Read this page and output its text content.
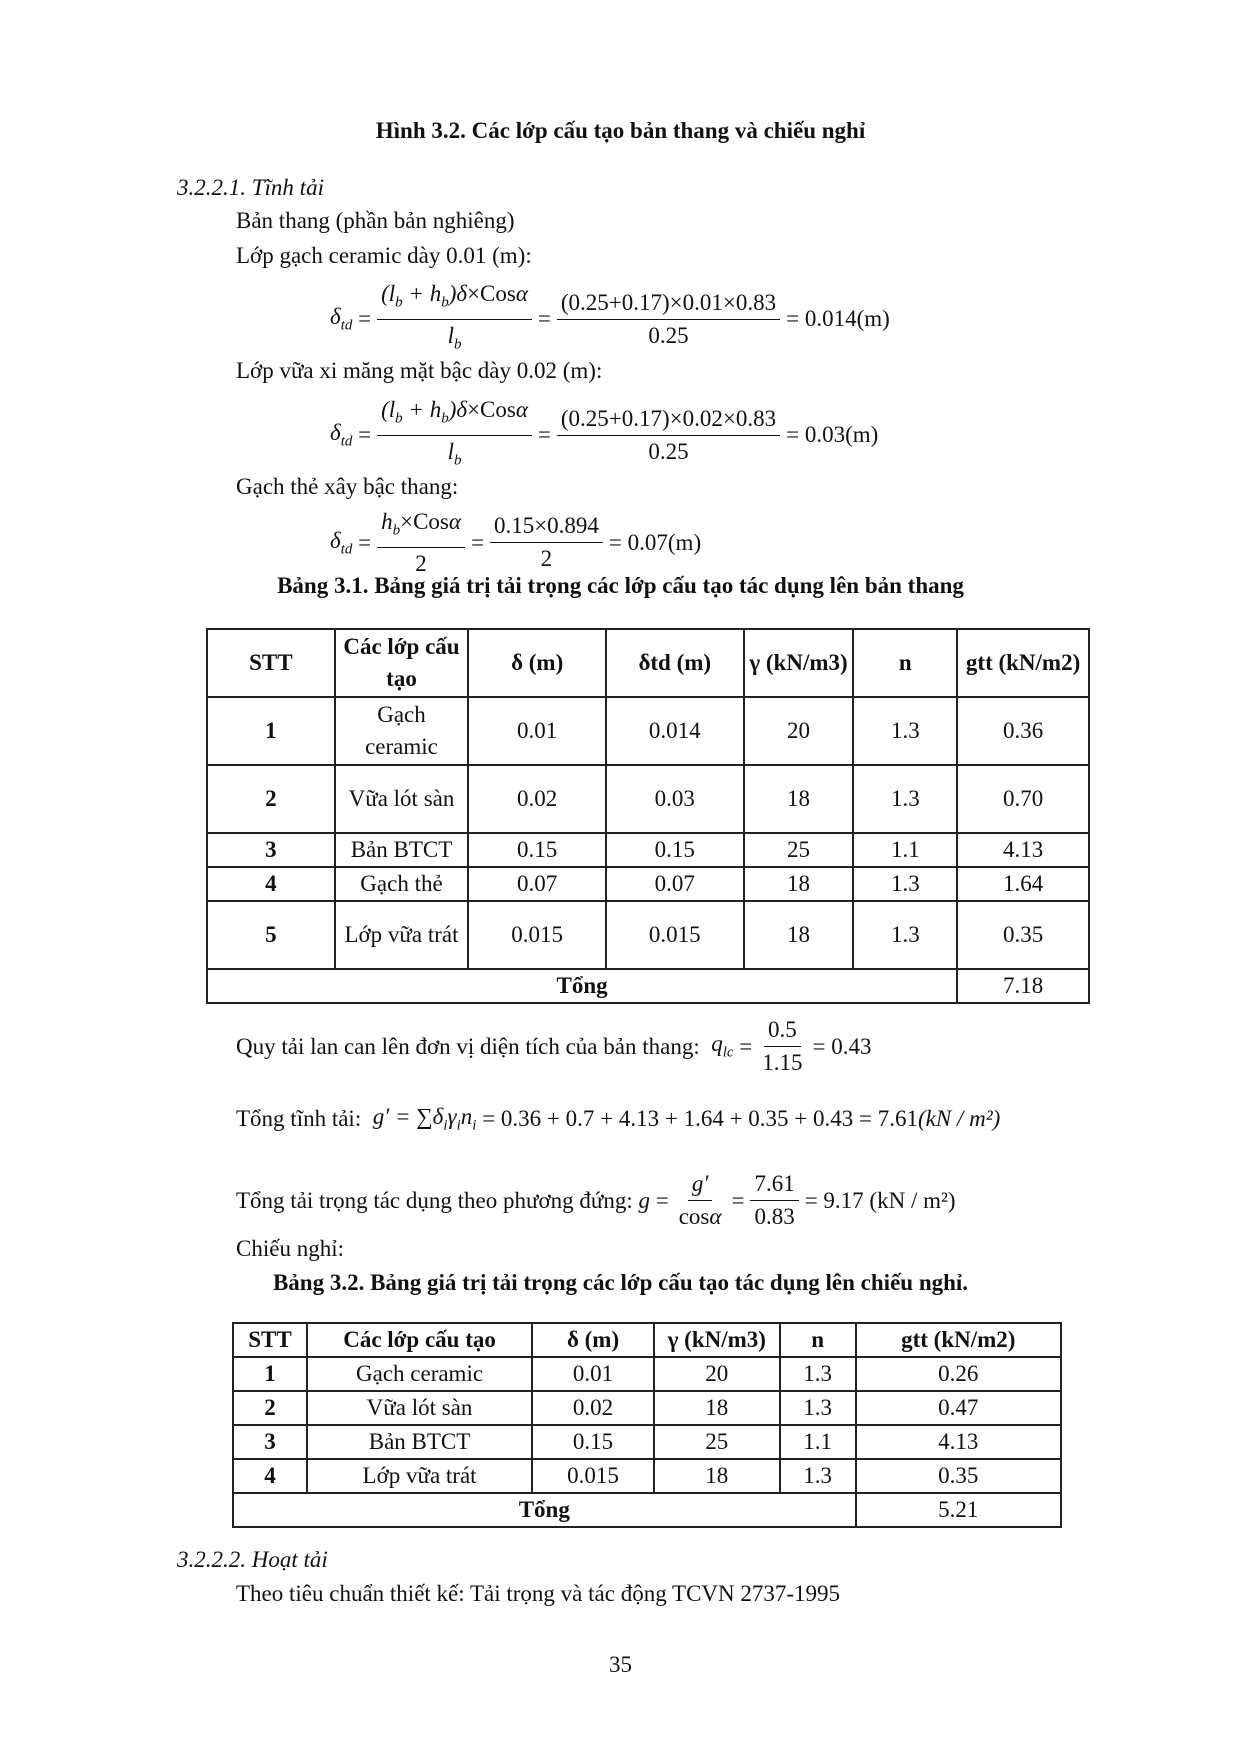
Hình 3.2. Các lớp cấu tạo bản thang và chiếu nghỉ
3.2.2.1. Tĩnh tải
Bản thang (phần bản nghiêng)
Lớp gạch ceramic dày 0.01 (m):
$\delta_{td} = \frac{(l_b + h_b)\delta\times Cos\alpha}{l_b} = \frac{(0.25+0.17)\times 0.01\times 0.83}{0.25} = 0.014(m)$
Lớp vữa xi măng mặt bậc dày 0.02 (m):
$\delta_{td} = \frac{(l_b + h_b)\delta\times Cos\alpha}{l_b} = \frac{(0.25+0.17)\times 0.02\times 0.83}{0.25} = 0.03(m)$
Gạch thẻ xây bậc thang:
$\delta_{td} = \frac{h_b\times Cos\alpha}{2} = \frac{0.15\times 0.894}{2} = 0.07(m)$
Bảng 3.1. Bảng giá trị tải trọng các lớp cấu tạo tác dụng lên bản thang
STT	Các lớp cấu tạo	δ (m)	δtd (m)	γ (kN/m3)	n	gtt (kN/m2)
1	Gạch ceramic	0.01	0.014	20	1.3	0.36
2	Vữa lót sàn	0.02	0.03	18	1.3	0.70
3	Bản BTCT	0.15	0.15	25	1.1	4.13
4	Gạch thẻ	0.07	0.07	18	1.3	1.64
5	Lớp vữa trát	0.015	0.015	18	1.3	0.35
Tổng						7.18
Quy tải lan can lên đơn vị diện tích của bản thang: $q_{lc} = \frac{0.5}{1.15} = 0.43$
Tổng tĩnh tải: $g' = \sum\delta_i\gamma_in_i = 0.36 + 0.7 + 4.13 + 1.64 + 0.35 + 0.43 = 7.61$ (kN / m²)
Tổng tải trọng tác dụng theo phương đứng: $g = \frac{g'}{\cos\alpha} = \frac{7.61}{0.83} = 9.17$ (kN / m²)
Chiếu nghỉ:
Bảng 3.2. Bảng giá trị tải trọng các lớp cấu tạo tác dụng lên chiếu nghỉ.
STT	Các lớp cấu tạo	δ (m)	γ (kN/m3)	n	gtt (kN/m2)
1	Gạch ceramic	0.01	20	1.3	0.26
2	Vữa lót sàn	0.02	18	1.3	0.47
3	Bản BTCT	0.15	25	1.1	4.13
4	Lớp vữa trát	0.015	18	1.3	0.35
Tổng					5.21
3.2.2.2. Hoạt tải
Theo tiêu chuẩn thiết kế: Tải trọng và tác động TCVN 2737-1995
35
